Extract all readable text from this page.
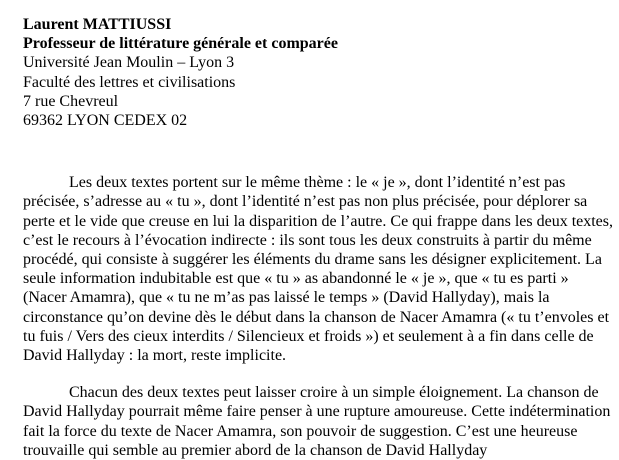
Laurent MATTIUSSI
Professeur de littérature générale et comparée
Université Jean Moulin – Lyon 3
Faculté des lettres et civilisations
7 rue Chevreul
69362 LYON CEDEX 02

Les deux textes portent sur le même thème : le « je », dont l’identité n’est pas précisée, s’adresse au « tu », dont l’identité n’est pas non plus précisée, pour déplorer sa perte et le vide que creuse en lui la disparition de l’autre. Ce qui frappe dans les deux textes, c’est le recours à l’évocation indirecte : ils sont tous les deux construits à partir du même procédé, qui consiste à suggérer les éléments du drame sans les désigner explicitement. La seule information indubitable est que « tu » as abandonné le « je », que « tu es parti » (Nacer Amamra), que « tu ne m’as pas laissé le temps » (David Hallyday), mais la circonstance qu’on devine dès le début dans la chanson de Nacer Amamra (« tu t’envoles et tu fuis / Vers des cieux interdits / Silencieux et froids ») et seulement à a fin dans celle de David Hallyday : la mort, reste implicite.

Chacun des deux textes peut laisser croire à un simple éloignement. La chanson de David Hallyday pourrait même faire penser à une rupture amoureuse. Cette indétermination fait la force du texte de Nacer Amamra, son pouvoir de suggestion. C’est une heureuse trouvaille qui semble au premier abord de la chanson de David Hallyday
